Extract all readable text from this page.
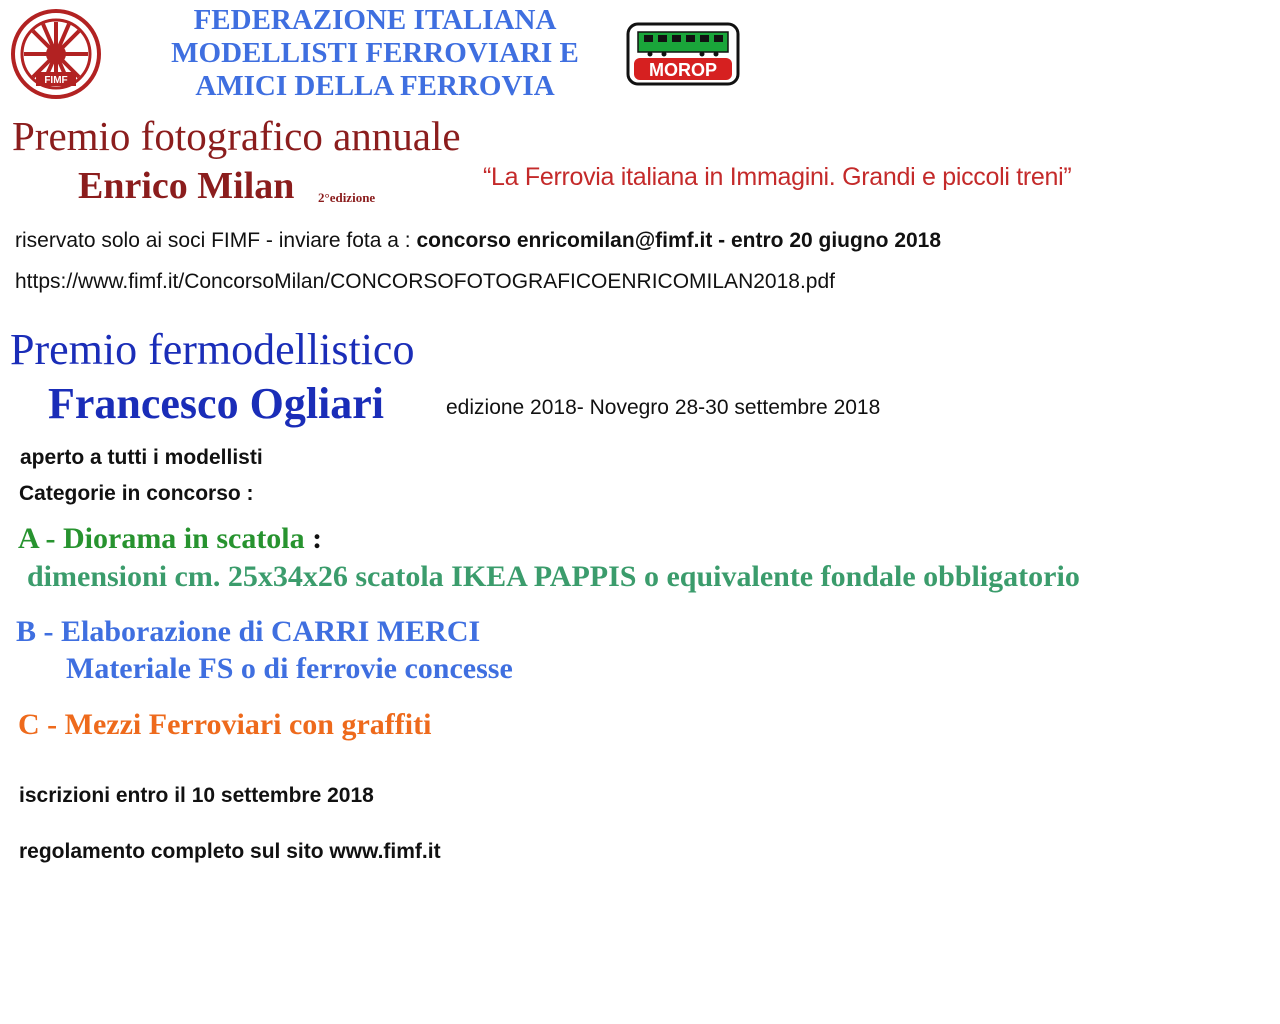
FIMF
FEDERAZIONE ITALIANA
MODELLISTI FERROVIARI E
AMICI DELLA FERROVIA	MOROP
Premio fotografico annuale
Enrico Milan 2°edizione
“La Ferrovia italiana in Immagini. Grandi e piccoli treni”
riservato solo ai soci FIMF - inviare fota a : concorso enricomilan@fimf.it - entro 20 giugno 2018
https://www.fimf.it/ConcorsoMilan/CONCORSOFOTOGRAFICOENRICOMILAN2018.pdf
Premio fermodellistico
Francesco Ogliari	edizione 2018- Novegro 28-30 settembre 2018
aperto a tutti i modellisti
Categorie in concorso :
A - Diorama in scatola :
dimensioni cm. 25x34x26 scatola IKEA PAPPIS o equivalente fondale obbligatorio
B - Elaborazione di CARRI MERCI
Materiale FS o di ferrovie concesse
C - Mezzi Ferroviari con graffiti
iscrizioni entro il 10 settembre 2018
regolamento completo sul sito www.fimf.it
